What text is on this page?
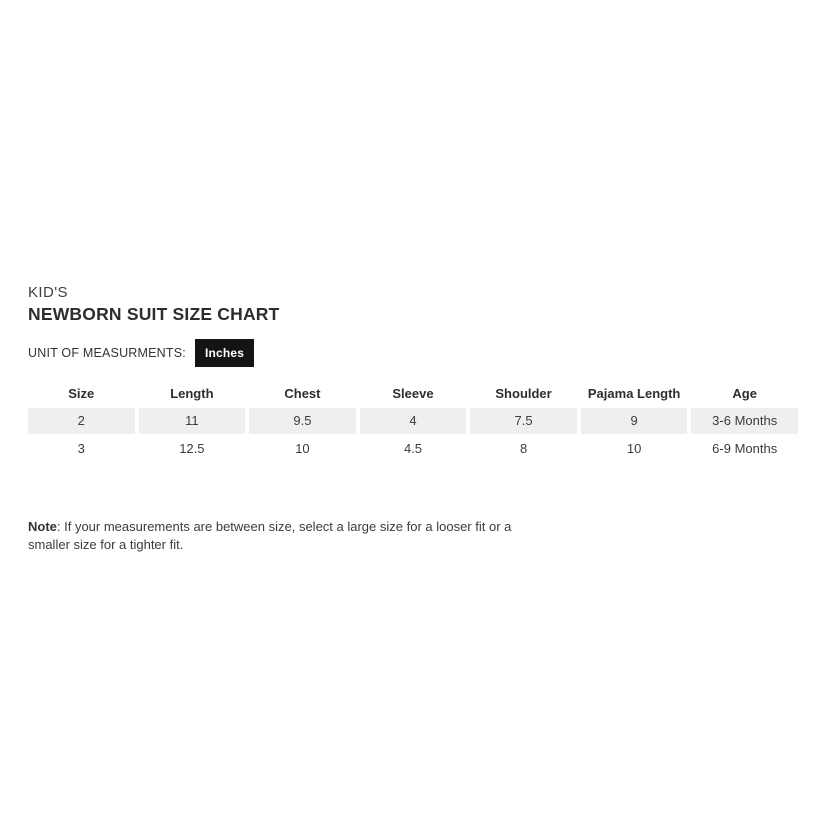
KID'S
NEWBORN SUIT SIZE CHART
UNIT OF MEASURMENTS:	Inches
Size	Length	Chest	Sleeve	Shoulder	Pajama Length	Age
2	11	9.5	4	7.5	9	3-6 Months
3	12.5	10	4.5	8	10	6-9 Months
Note: If your measurements are between size, select a large size for a looser fit or a smaller size for a tighter fit.
